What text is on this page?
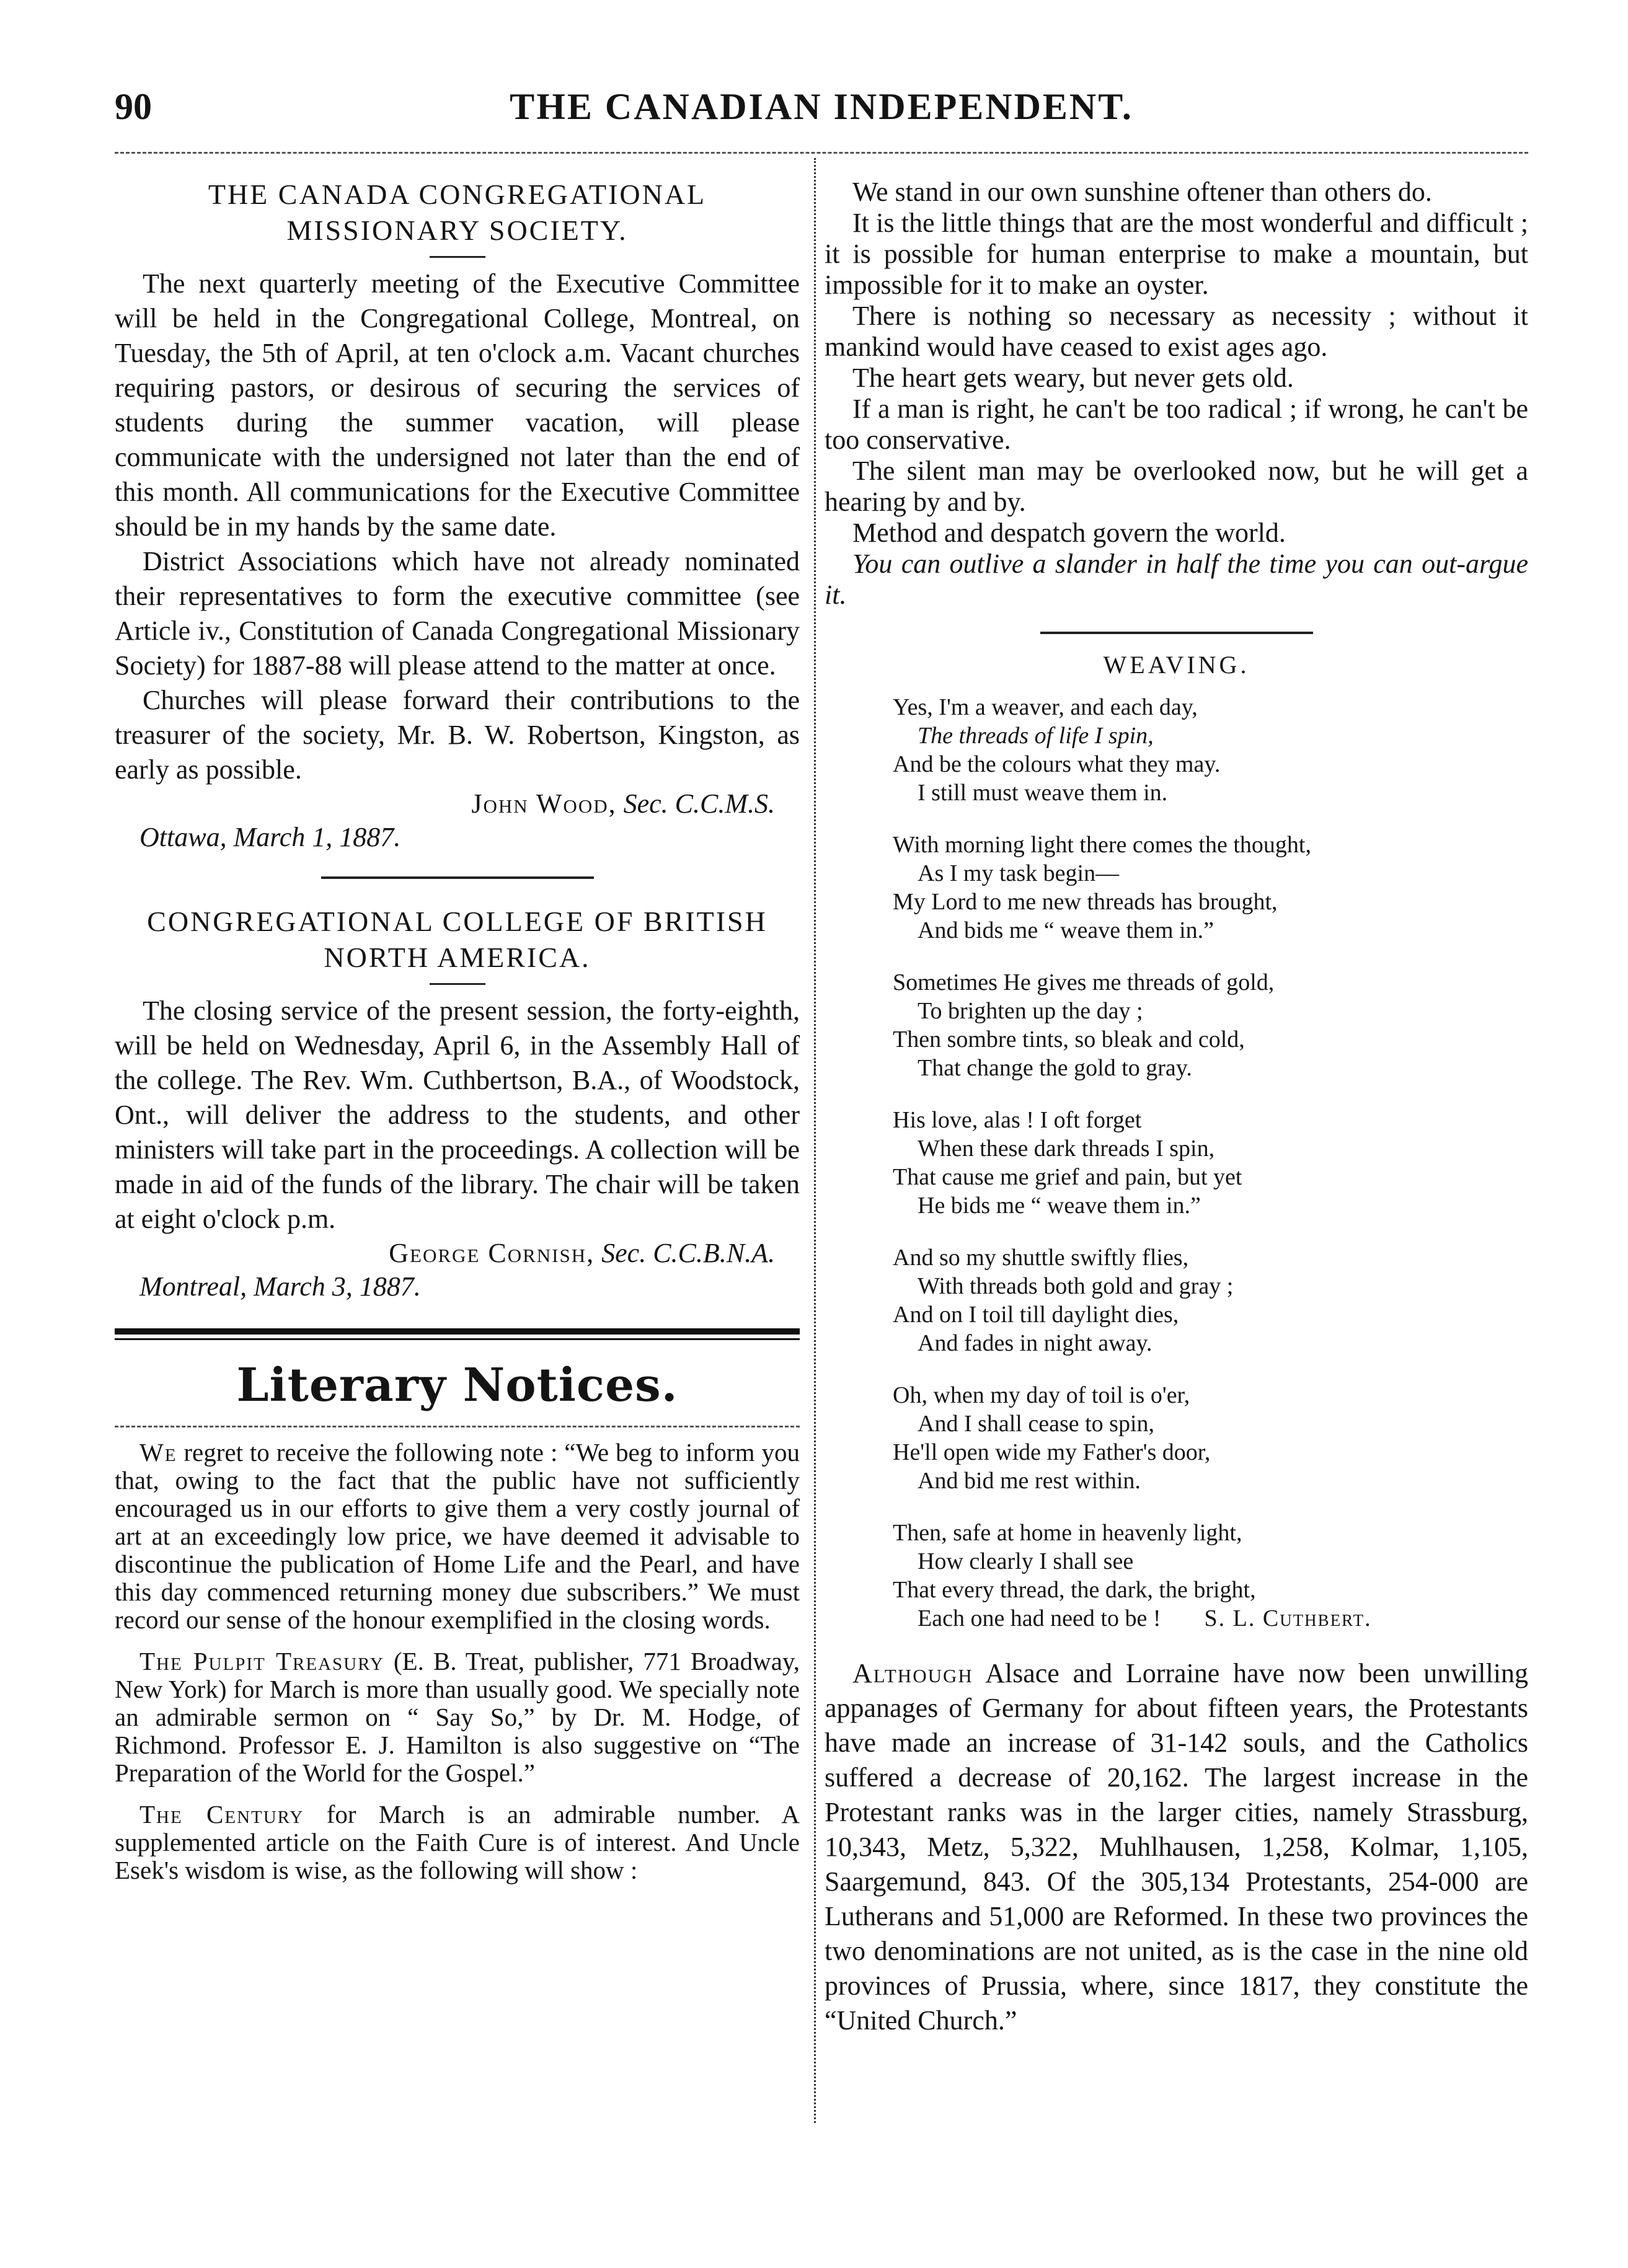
90	THE CANADIAN INDEPENDENT.
THE CANADA CONGREGATIONAL MISSIONARY SOCIETY.

The next quarterly meeting of the Executive Committee will be held in the Congregational College, Montreal, on Tuesday, the 5th of April, at ten o'clock a.m. Vacant churches requiring pastors, or desirous of securing the services of students during the summer vacation, will please communicate with the undersigned not later than the end of this month. All communications for the Executive Committee should be in my hands by the same date.

District Associations which have not already nominated their representatives to form the executive committee (see Article iv., Constitution of Canada Congregational Missionary Society) for 1887-88 will please attend to the matter at once.

Churches will please forward their contributions to the treasurer of the society, Mr. B. W. Robertson, Kingston, as early as possible.

John Wood, Sec. C.C.M.S.
Ottawa, March 1, 1887.
CONGREGATIONAL COLLEGE OF BRITISH NORTH AMERICA.

The closing service of the present session, the forty-eighth, will be held on Wednesday, April 6, in the Assembly Hall of the college. The Rev. Wm. Cuthbertson, B.A., of Woodstock, Ont., will deliver the address to the students, and other ministers will take part in the proceedings. A collection will be made in aid of the funds of the library. The chair will be taken at eight o'clock p.m.

George Cornish, Sec. C.C.B.N.A.
Montreal, March 3, 1887.
Literary Notices.

We regret to receive the following note : “We beg to inform you that, owing to the fact that the public have not sufficiently encouraged us in our efforts to give them a very costly journal of art at an exceedingly low price, we have deemed it advisable to discontinue the publication of Home Life and the Pearl, and have this day commenced returning money due subscribers.” We must record our sense of the honour exemplified in the closing words.

The Pulpit Treasury (E. B. Treat, publisher, 771 Broadway, New York) for March is more than usually good. We specially note an admirable sermon on “ Say So,” by Dr. M. Hodge, of Richmond. Professor E. J. Hamilton is also suggestive on “The Preparation of the World for the Gospel.”

The Century for March is an admirable number. A supplemented article on the Faith Cure is of interest. And Uncle Esek's wisdom is wise, as the following will show :

We stand in our own sunshine oftener than others do.

It is the little things that are the most wonderful and difficult ; it is possible for human enterprise to make a mountain, but impossible for it to make an oyster.

There is nothing so necessary as necessity ; without it mankind would have ceased to exist ages ago.

The heart gets weary, but never gets old.

If a man is right, he can't be too radical ; if wrong, he can't be too conservative.

The silent man may be overlooked now, but he will get a hearing by and by.

Method and despatch govern the world.

You can outlive a slander in half the time you can out-argue it.

WEAVING.
Yes, I'm a weaver, and each day,
The threads of life I spin,
And be the colours what they may.
I still must weave them in.
With morning light there comes the thought,
As I my task begin—
My Lord to me new threads has brought,
And bids me “ weave them in.”
Sometimes He gives me threads of gold,
To brighten up the day ;
Then sombre tints, so bleak and cold,
That change the gold to gray.
His love, alas ! I oft forget
When these dark threads I spin,
That cause me grief and pain, but yet
He bids me “ weave them in.”
And so my shuttle swiftly flies,
With threads both gold and gray ;
And on I toil till daylight dies,
And fades in night away.
Oh, when my day of toil is o'er,
And I shall cease to spin,
He'll open wide my Father's door,
And bid me rest within.
Then, safe at home in heavenly light,
How clearly I shall see
That every thread, the dark, the bright,
Each one had need to be ! S. L. Cuthbert.

Although Alsace and Lorraine have now been unwilling appanages of Germany for about fifteen years, the Protestants have made an increase of 31-142 souls, and the Catholics suffered a decrease of 20,162. The largest increase in the Protestant ranks was in the larger cities, namely Strassburg, 10,343, Metz, 5,322, Muhlhausen, 1,258, Kolmar, 1,105, Saargemund, 843. Of the 305,134 Protestants, 254-000 are Lutherans and 51,000 are Reformed. In these two provinces the two denominations are not united, as is the case in the nine old provinces of Prussia, where, since 1817, they constitute the “United Church.”
